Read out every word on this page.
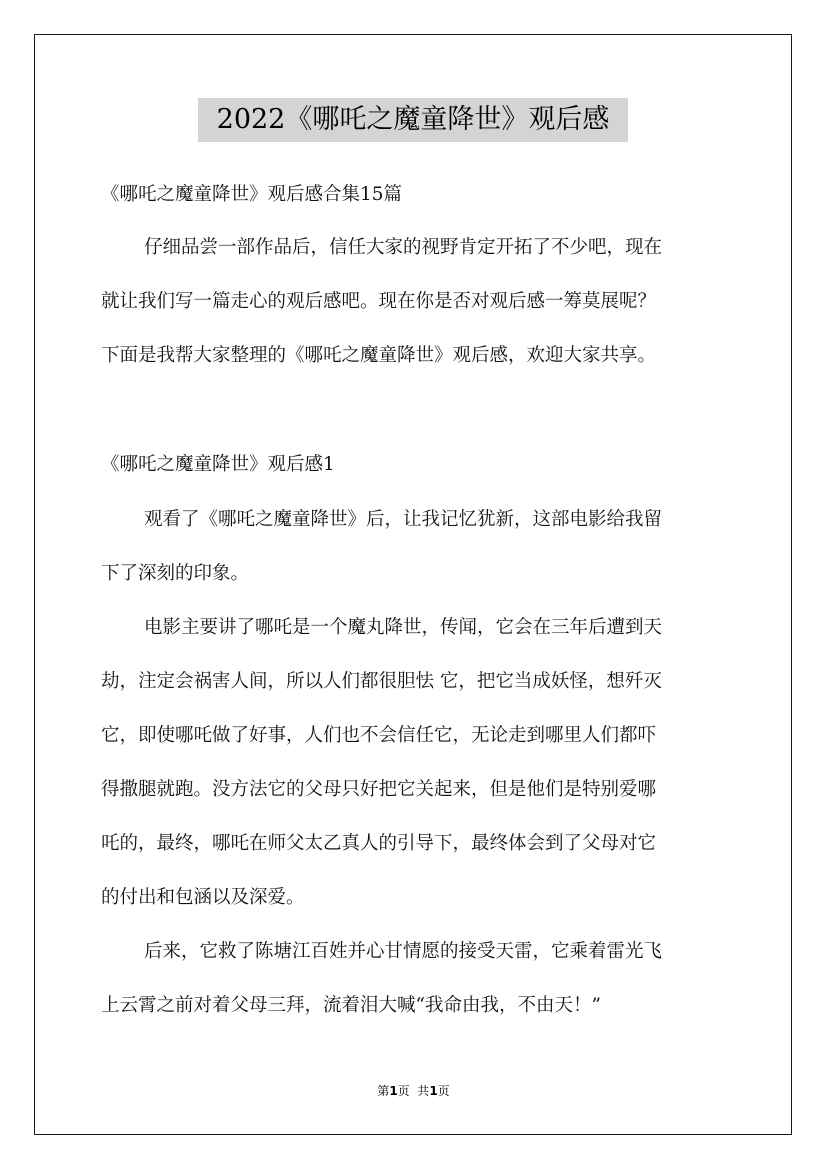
2022《哪吒之魔童降世》观后感
《哪吒之魔童降世》观后感合集15篇
仔细品尝一部作品后，信任大家的视野肯定开拓了不少吧，现在
就让我们写一篇走心的观后感吧。现在你是否对观后感一筹莫展呢？
下面是我帮大家整理的《哪吒之魔童降世》观后感，欢迎大家共享。
《哪吒之魔童降世》观后感1
观看了《哪吒之魔童降世》后，让我记忆犹新，这部电影给我留
下了深刻的印象。
电影主要讲了哪吒是一个魔丸降世，传闻，它会在三年后遭到天
劫，注定会祸害人间，所以人们都很胆怯 它，把它当成妖怪，想歼灭
它，即使哪吒做了好事，人们也不会信任它，无论走到哪里人们都吓
得撒腿就跑。没方法它的父母只好把它关起来，但是他们是特别爱哪
吒的，最终，哪吒在师父太乙真人的引导下，最终体会到了父母对它
的付出和包涵以及深爱。
后来，它救了陈塘江百姓并心甘情愿的接受天雷，它乘着雷光飞
上云霄之前对着父母三拜，流着泪大喊“我命由我，不由天！”
第1页  共1页
